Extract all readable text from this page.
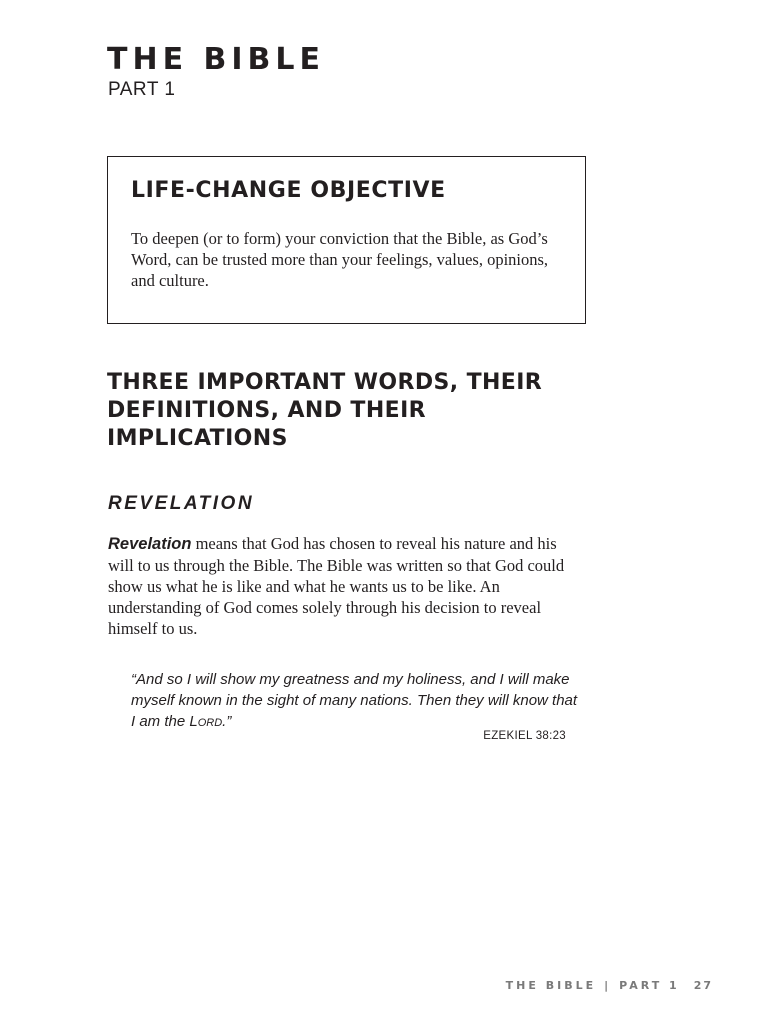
THE BIBLE
PART 1
LIFE-CHANGE OBJECTIVE

To deepen (or to form) your conviction that the Bible, as God’s Word, can be trusted more than your feelings, values, opinions, and culture.

THREE IMPORTANT WORDS, THEIR DEFINITIONS, AND THEIR IMPLICATIONS
REVELATION

Revelation means that God has chosen to reveal his nature and his will to us through the Bible. The Bible was written so that God could show us what he is like and what he wants us to be like. An understanding of God comes solely through his decision to reveal himself to us.

“And so I will show my greatness and my holiness, and I will make myself known in the sight of many nations. Then they will know that I am the Lord.”

EZEKIEL 38:23
THE BIBLE | PART 1 27
